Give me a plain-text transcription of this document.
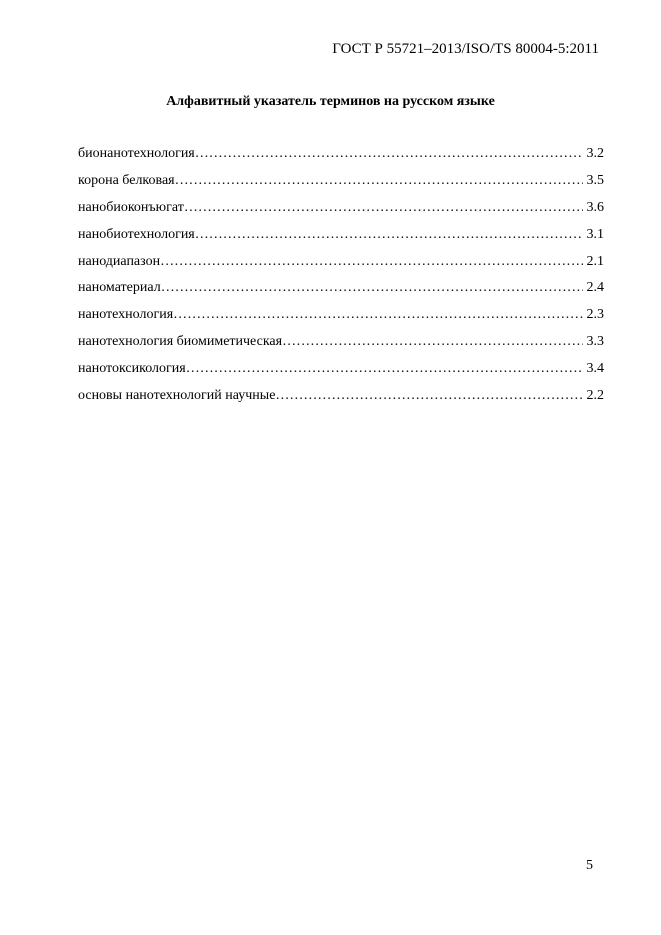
ГОСТ Р 55721–2013/ISO/TS 80004-5:2011
Алфавитный указатель терминов на русском языке
бионанотехнология …………………………………………………………………………………………………………………………………………………………………………………	3.2
корона белковая …………………………………………………………………………………………………………………………………………………………………………………	3.5
нанобиоконъюгат …………………………………………………………………………………………………………………………………………………………………………………	3.6
нанобиотехнология …………………………………………………………………………………………………………………………………………………………………………………	3.1
нанодиапазон …………………………………………………………………………………………………………………………………………………………………………………	2.1
наноматериал …………………………………………………………………………………………………………………………………………………………………………………	2.4
нанотехнология …………………………………………………………………………………………………………………………………………………………………………………	2.3
нанотехнология биомиметическая …………………………………………………………………………………………………………………………………………………………………………………	3.3
нанотоксикология …………………………………………………………………………………………………………………………………………………………………………………	3.4
основы нанотехнологий научные …………………………………………………………………………………………………………………………………………………………………………………	2.2
5
